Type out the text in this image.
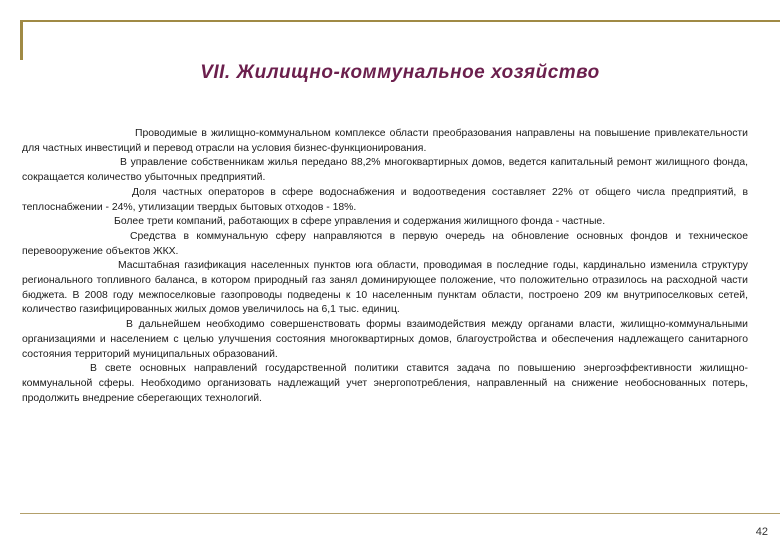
VII. Жилищно-коммунальное хозяйство

Проводимые в жилищно-коммунальном комплексе области преобразования направлены на повышение привлекательности для частных инвестиций и перевод отрасли на условия бизнес-функционирования.

В управление собственникам жилья передано 88,2% многоквартирных домов, ведется капитальный ремонт жилищного фонда, сокращается количество убыточных предприятий.

Доля частных операторов в сфере водоснабжения и водоотведения составляет 22% от общего числа предприятий, в теплоснабжении - 24%, утилизации твердых бытовых отходов - 18%.

Более трети компаний, работающих в сфере управления и содержания жилищного фонда - частные.

Средства в коммунальную сферу направляются в первую очередь на обновление основных фондов и техническое перевооружение объектов ЖКХ.

Масштабная газификация населенных пунктов юга области, проводимая в последние годы, кардинально изменила структуру регионального топливного баланса, в котором природный газ занял доминирующее положение, что положительно отразилось на расходной части бюджета. В 2008 году межпоселковые газопроводы подведены к 10 населенным пунктам области, построено 209 км внутрипоселковых сетей, количество газифицированных жилых домов увеличилось на 6,1 тыс. единиц.

В дальнейшем необходимо совершенствовать формы взаимодействия между органами власти, жилищно-коммунальными организациями и населением с целью улучшения состояния многоквартирных домов, благоустройства и обеспечения надлежащего санитарного состояния территорий муниципальных образований.

В свете основных направлений государственной политики ставится задача по повышению энергоэффективности жилищно-коммунальной сферы. Необходимо организовать надлежащий учет энергопотребления, направленный на снижение необоснованных потерь, продолжить внедрение сберегающих технологий.

42
